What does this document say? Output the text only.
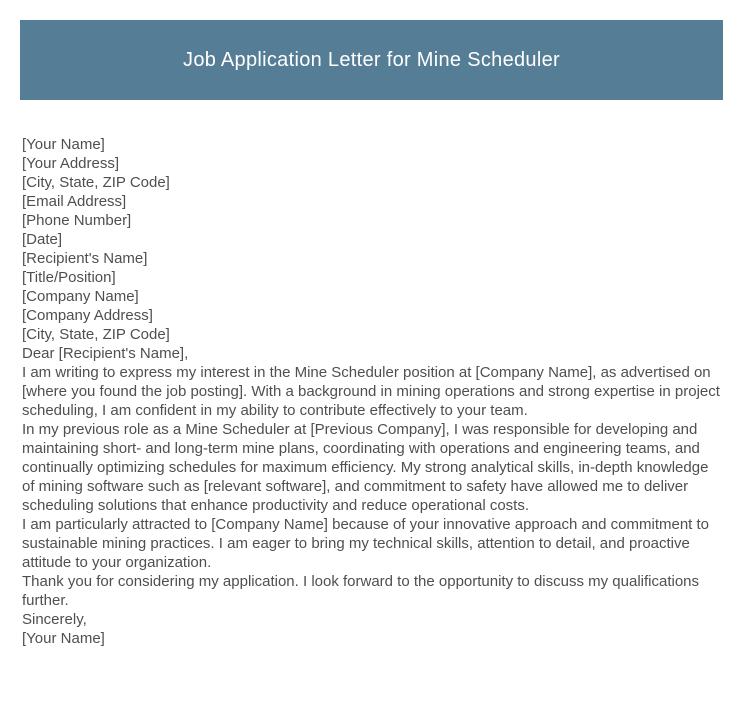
Job Application Letter for Mine Scheduler
[Your Name]
[Your Address]
[City, State, ZIP Code]
[Email Address]
[Phone Number]
[Date]
[Recipient's Name]
[Title/Position]
[Company Name]
[Company Address]
[City, State, ZIP Code]
Dear [Recipient's Name],

I am writing to express my interest in the Mine Scheduler position at [Company Name], as advertised on [where you found the job posting]. With a background in mining operations and strong expertise in project scheduling, I am confident in my ability to contribute effectively to your team.

In my previous role as a Mine Scheduler at [Previous Company], I was responsible for developing and maintaining short- and long-term mine plans, coordinating with operations and engineering teams, and continually optimizing schedules for maximum efficiency. My strong analytical skills, in-depth knowledge of mining software such as [relevant software], and commitment to safety have allowed me to deliver scheduling solutions that enhance productivity and reduce operational costs.

I am particularly attracted to [Company Name] because of your innovative approach and commitment to sustainable mining practices. I am eager to bring my technical skills, attention to detail, and proactive attitude to your organization.

Thank you for considering my application. I look forward to the opportunity to discuss my qualifications further.

Sincerely,
[Your Name]
